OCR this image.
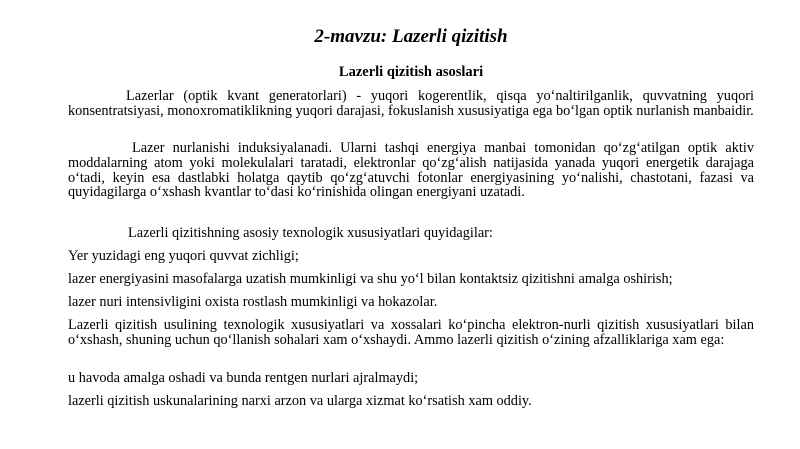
2-mavzu: Lazerli qizitish
Lazerli qizitish asoslari

Lazerlar (optik kvant generatorlari) - yuqori kogerentlik, qisqa yo‘naltirilganlik, quvvatning yuqori konsentratsiyasi, monoxromatiklikning yuqori darajasi, fokuslanish xususiyatiga ega bo‘lgan optik nurlanish manbaidir.

Lazer nurlanishi induksiyalanadi. Ularni tashqi energiya manbai tomonidan qo‘zg‘atilgan optik aktiv moddalarning atom yoki molekulalari taratadi, elektronlar qo‘zg‘alish natijasida yanada yuqori energetik darajaga o‘tadi, keyin esa dastlabki holatga qaytib qo‘zg‘atuvchi fotonlar energiyasining yo‘nalishi, chastotani, fazasi va quyidagilarga o‘xshash kvantlar to‘dasi ko‘rinishida olingan energiyani uzatadi.

Lazerli qizitishning asosiy texnologik xususiyatlari quyidagilar:

Yer yuzidagi eng yuqori quvvat zichligi;

lazer energiyasini masofalarga uzatish mumkinligi va shu yo‘l bilan kontaktsiz qizitishni amalga oshirish;

lazer nuri intensivligini oxista rostlash mumkinligi va hokazolar.

Lazerli qizitish usulining texnologik xususiyatlari va xossalari ko‘pincha elektron-nurli qizitish xususiyatlari bilan o‘xshash, shuning uchun qo‘llanish sohalari xam o‘xshaydi. Ammo lazerli qizitish o‘zining afzalliklariga xam ega:

u havoda amalga oshadi va bunda rentgen nurlari ajralmaydi;

lazerli qizitish uskunalarining narxi arzon va ularga xizmat ko‘rsatish xam oddiy.
